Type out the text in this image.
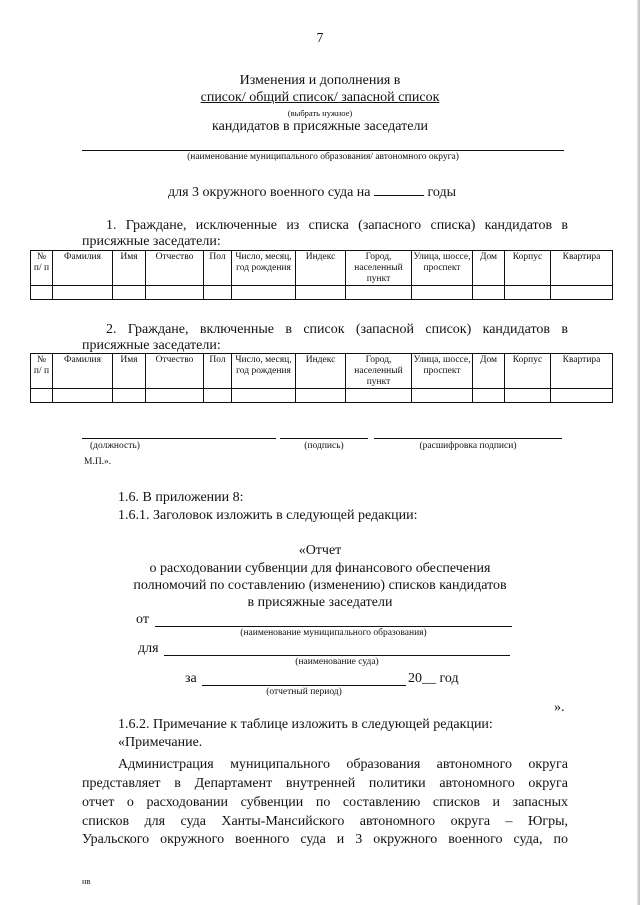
7
Изменения и дополнения в
список/ общий список/ запасной список
(выбрать нужное)
кандидатов в присяжные заседатели
(наименование муниципального образования/ автономного округа)
для 3 окружного военного суда на	годы
1. Граждане, исключенные из списка (запасного списка) кандидатов в
присяжные заседатели:
№ п/ п	Фамилия	Имя	Отчество	Пол	Число, месяц, год рождения	Индекс	Город, населенный пункт	Улица, шоссе, проспект	Дом	Корпус	Квартира

2. Граждане, включенные в список (запасной список) кандидатов в
присяжные заседатели:
№ п/ п	Фамилия	Имя	Отчество	Пол	Число, месяц, год рождения	Индекс	Город, населенный пункт	Улица, шоссе, проспект	Дом	Корпус	Квартира

(должность)	(подпись)	(расшифровка подписи)
М.П.».
1.6. В приложении 8:
1.6.1. Заголовок изложить в следующей редакции:
«Отчет
о расходовании субвенции для финансового обеспечения
полномочий по составлению (изменению) списков кандидатов
в присяжные заседатели
от
(наименование муниципального образования)
для
(наименование суда)
за	20__ год
(отчетный период)
».
1.6.2. Примечание к таблице изложить в следующей редакции:
«Примечание.
Администрация муниципального образования автономного округа
представляет в Департамент внутренней политики автономного округа
отчет о расходовании субвенции по составлению списков и запасных
списков для суда Ханты-Мансийского автономного округа – Югры,
Уральского окружного военного суда и 3 окружного военного суда, по
нв
